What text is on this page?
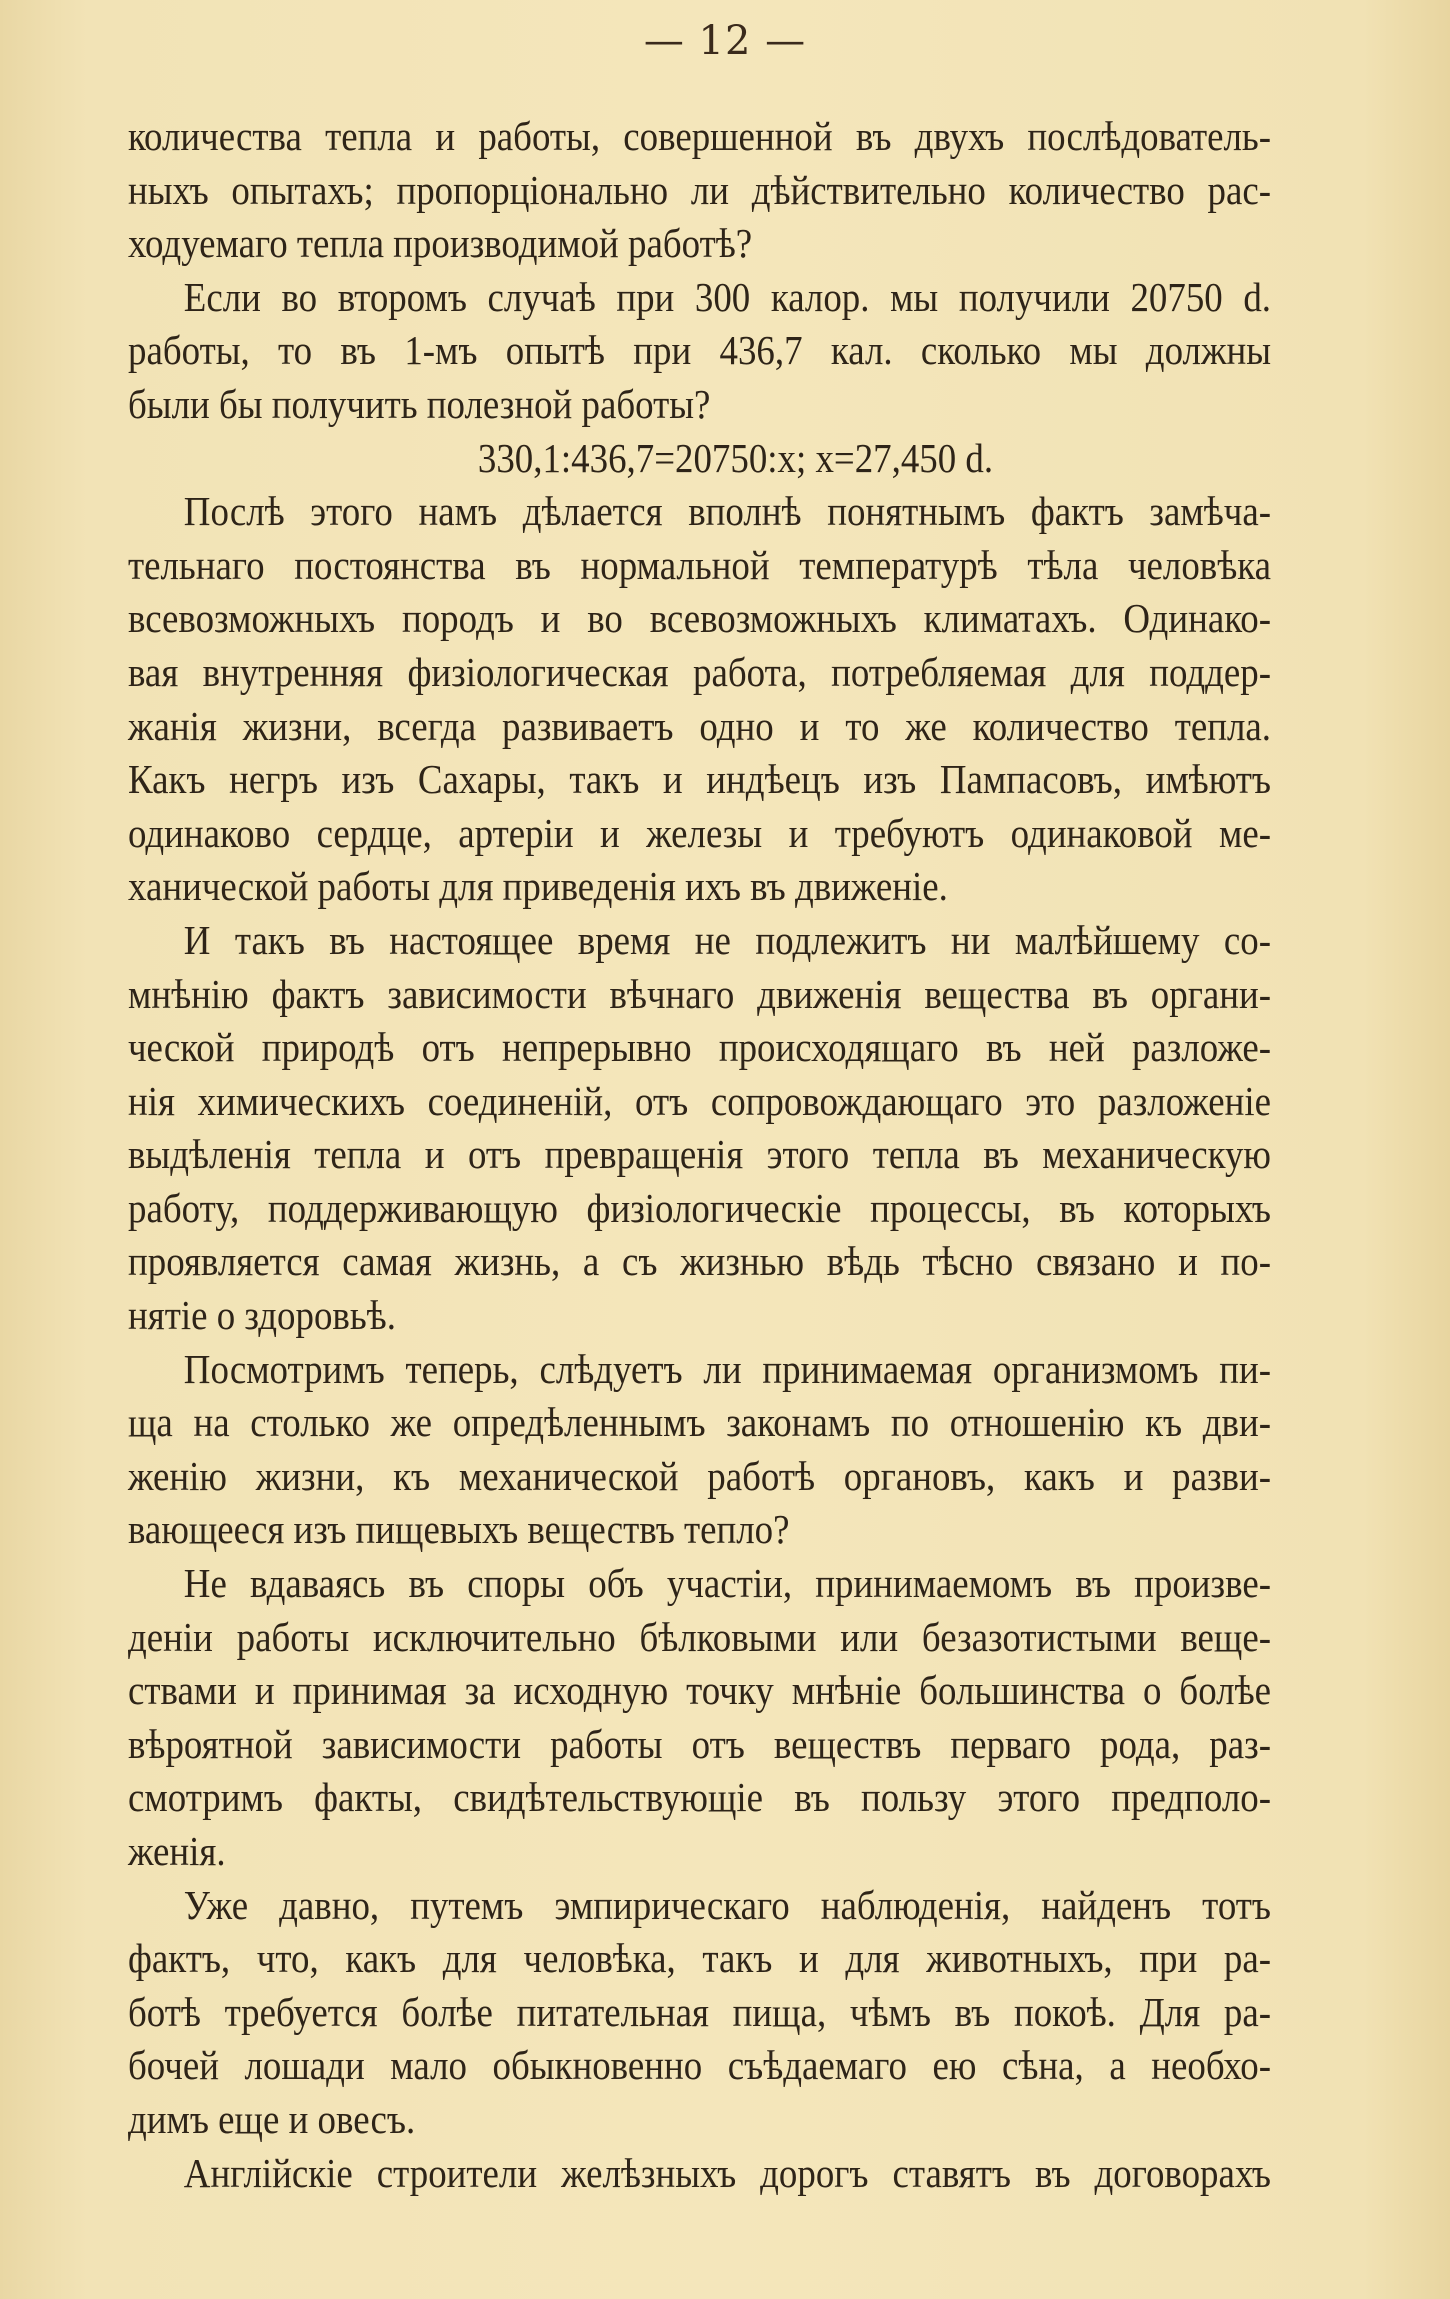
— 12 —
количества тепла и работы, совершенной въ двухъ послѣдователь-
ныхъ опытахъ; пропорціонально ли дѣйствительно количество рас-
ходуемаго тепла производимой работѣ?
Если во второмъ случаѣ при 300 калор. мы получили 20750 d.
работы, то въ 1-мъ опытѣ при 436,7 кал. сколько мы должны
были бы получить полезной работы?
330,1:436,7=20750:x; x=27,450 d.
Послѣ этого намъ дѣлается вполнѣ понятнымъ фактъ замѣча-
тельнаго постоянства въ нормальной температурѣ тѣла человѣка
всевозможныхъ породъ и во всевозможныхъ климатахъ. Одинако-
вая внутренняя физіологическая работа, потребляемая для поддер-
жанія жизни, всегда развиваетъ одно и то же количество тепла.
Какъ негръ изъ Сахары, такъ и индѣецъ изъ Пампасовъ, имѣютъ
одинаково сердце, артеріи и железы и требуютъ одинаковой ме-
ханической работы для приведенія ихъ въ движеніе.
И такъ въ настоящее время не подлежитъ ни малѣйшему со-
мнѣнію фактъ зависимости вѣчнаго движенія вещества въ органи-
ческой природѣ отъ непрерывно происходящаго въ ней разложе-
нія химическихъ соединеній, отъ сопровождающаго это разложеніе
выдѣленія тепла и отъ превращенія этого тепла въ механическую
работу, поддерживающую физіологическіе процессы, въ которыхъ
проявляется самая жизнь, а съ жизнью вѣдь тѣсно связано и по-
нятіе о здоровьѣ.
Посмотримъ теперь, слѣдуетъ ли принимаемая организмомъ пи-
ща на столько же опредѣленнымъ законамъ по отношенію къ дви-
женію жизни, къ механической работѣ органовъ, какъ и разви-
вающееся изъ пищевыхъ веществъ тепло?
Не вдаваясь въ споры объ участіи, принимаемомъ въ произве-
деніи работы исключительно бѣлковыми или безазотистыми веще-
ствами и принимая за исходную точку мнѣніе большинства о болѣе
вѣроятной зависимости работы отъ веществъ перваго рода, раз-
смотримъ факты, свидѣтельствующіе въ пользу этого предполо-
женія.
Уже давно, путемъ эмпирическаго наблюденія, найденъ тотъ
фактъ, что, какъ для человѣка, такъ и для животныхъ, при ра-
ботѣ требуется болѣе питательная пища, чѣмъ въ покоѣ. Для ра-
бочей лошади мало обыкновенно съѣдаемаго ею сѣна, а необхо-
димъ еще и овесъ.
Англійскіе строители желѣзныхъ дорогъ ставятъ въ договорахъ
